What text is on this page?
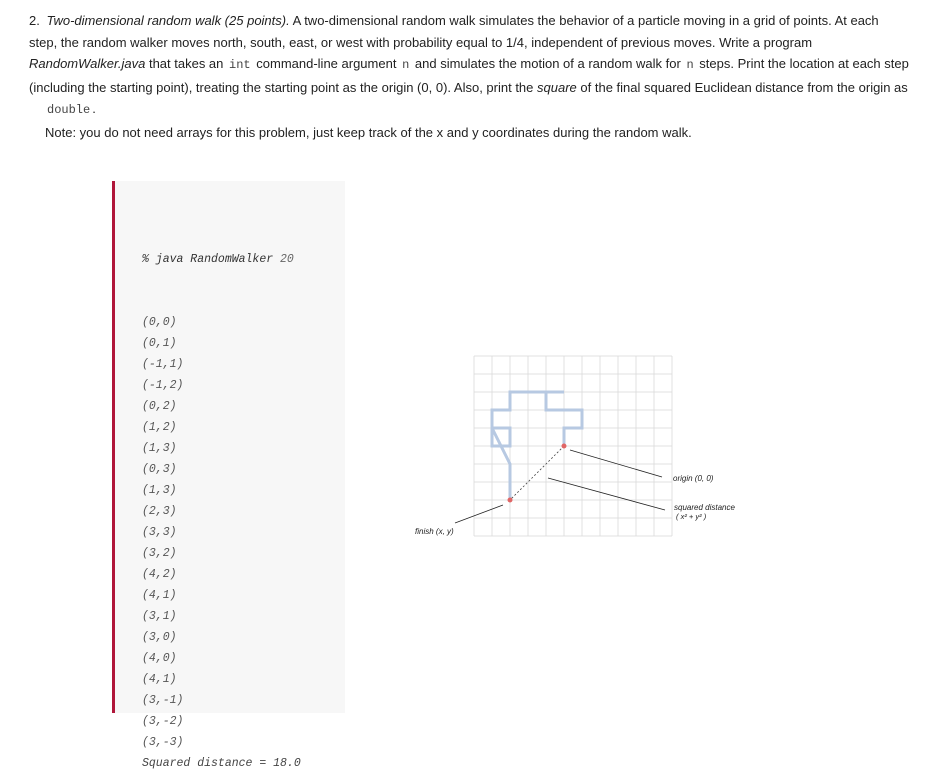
2. Two-dimensional random walk (25 points). A two-dimensional random walk simulates the behavior of a particle moving in a grid of points. At each step, the random walker moves north, south, east, or west with probability equal to 1/4, independent of previous moves. Write a program RandomWalker.java that takes an int command-line argument n and simulates the motion of a random walk for n steps. Print the location at each step (including the starting point), treating the starting point as the origin (0, 0). Also, print the square of the final squared Euclidean distance from the origin as
double .
Note: you do not need arrays for this problem, just keep track of the x and y coordinates during the random walk.

% java RandomWalker 20

(0,0)
(0,1)
(-1,1)
(-1,2)
(0,2)
(1,2)
(1,3)
(0,3)
(1,3)
(2,3)
(3,3)
(3,2)
(4,2)
(4,1)
(3,1)
(3,0)
(4,0)
(4,1)
(3,-1)
(3,-2)
(3,-3)
Squared distance = 18.0
origin (0, 0)
squared distance
( x² + y² )
finish (x, y)
